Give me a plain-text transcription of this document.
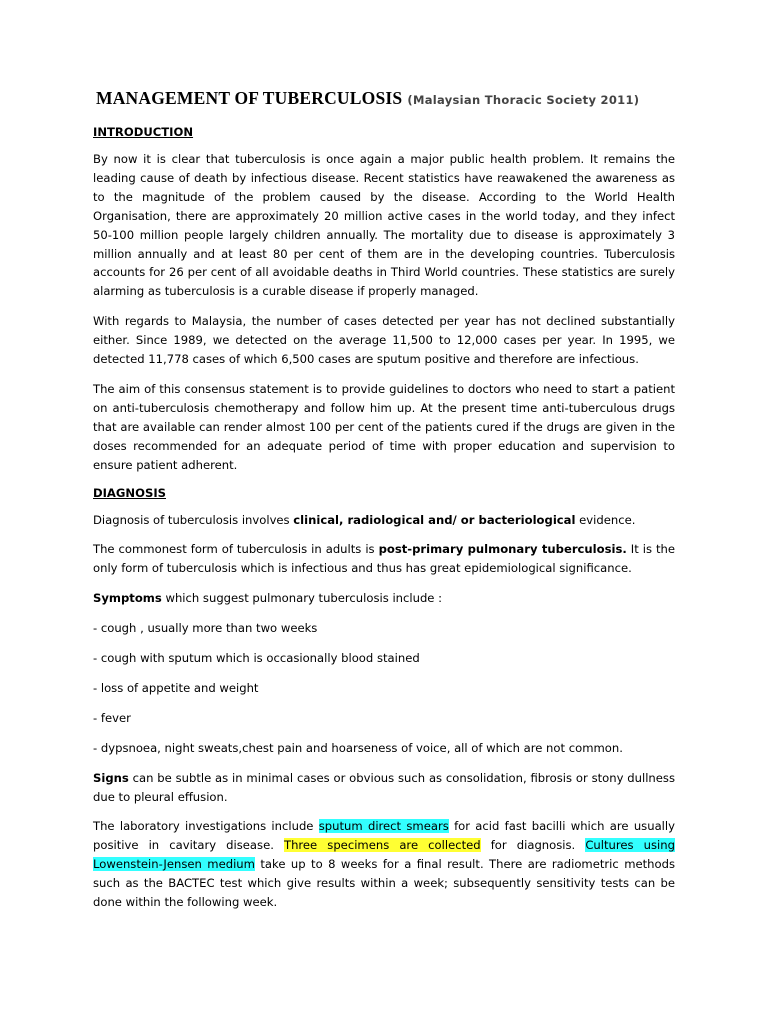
MANAGEMENT OF TUBERCULOSIS (Malaysian Thoracic Society 2011)
INTRODUCTION

By now it is clear that tuberculosis is once again a major public health problem. It remains the leading cause of death by infectious disease. Recent statistics have reawakened the awareness as to the magnitude of the problem caused by the disease. According to the World Health Organisation, there are approximately 20 million active cases in the world today, and they infect 50-100 million people largely children annually. The mortality due to disease is approximately 3 million annually and at least 80 per cent of them are in the developing countries. Tuberculosis accounts for 26 per cent of all avoidable deaths in Third World countries. These statistics are surely alarming as tuberculosis is a curable disease if properly managed.

With regards to Malaysia, the number of cases detected per year has not declined substantially either. Since 1989, we detected on the average 11,500 to 12,000 cases per year. In 1995, we detected 11,778 cases of which 6,500 cases are sputum positive and therefore are infectious.

The aim of this consensus statement is to provide guidelines to doctors who need to start a patient on anti-tuberculosis chemotherapy and follow him up. At the present time anti-tuberculous drugs that are available can render almost 100 per cent of the patients cured if the drugs are given in the doses recommended for an adequate period of time with proper education and supervision to ensure patient adherent.

DIAGNOSIS

Diagnosis of tuberculosis involves clinical, radiological and/ or bacteriological evidence.

The commonest form of tuberculosis in adults is post-primary pulmonary tuberculosis. It is the only form of tuberculosis which is infectious and thus has great epidemiological significance.

Symptoms which suggest pulmonary tuberculosis include :

- cough , usually more than two weeks

- cough with sputum which is occasionally blood stained

- loss of appetite and weight

- fever

- dypsnoea, night sweats,chest pain and hoarseness of voice, all of which are not common.

Signs can be subtle as in minimal cases or obvious such as consolidation, fibrosis or stony dullness due to pleural effusion.

The laboratory investigations include sputum direct smears for acid fast bacilli which are usually positive in cavitary disease. Three specimens are collected for diagnosis. Cultures using Lowenstein-Jensen medium take up to 8 weeks for a final result. There are radiometric methods such as the BACTEC test which give results within a week; subsequently sensitivity tests can be done within the following week.
